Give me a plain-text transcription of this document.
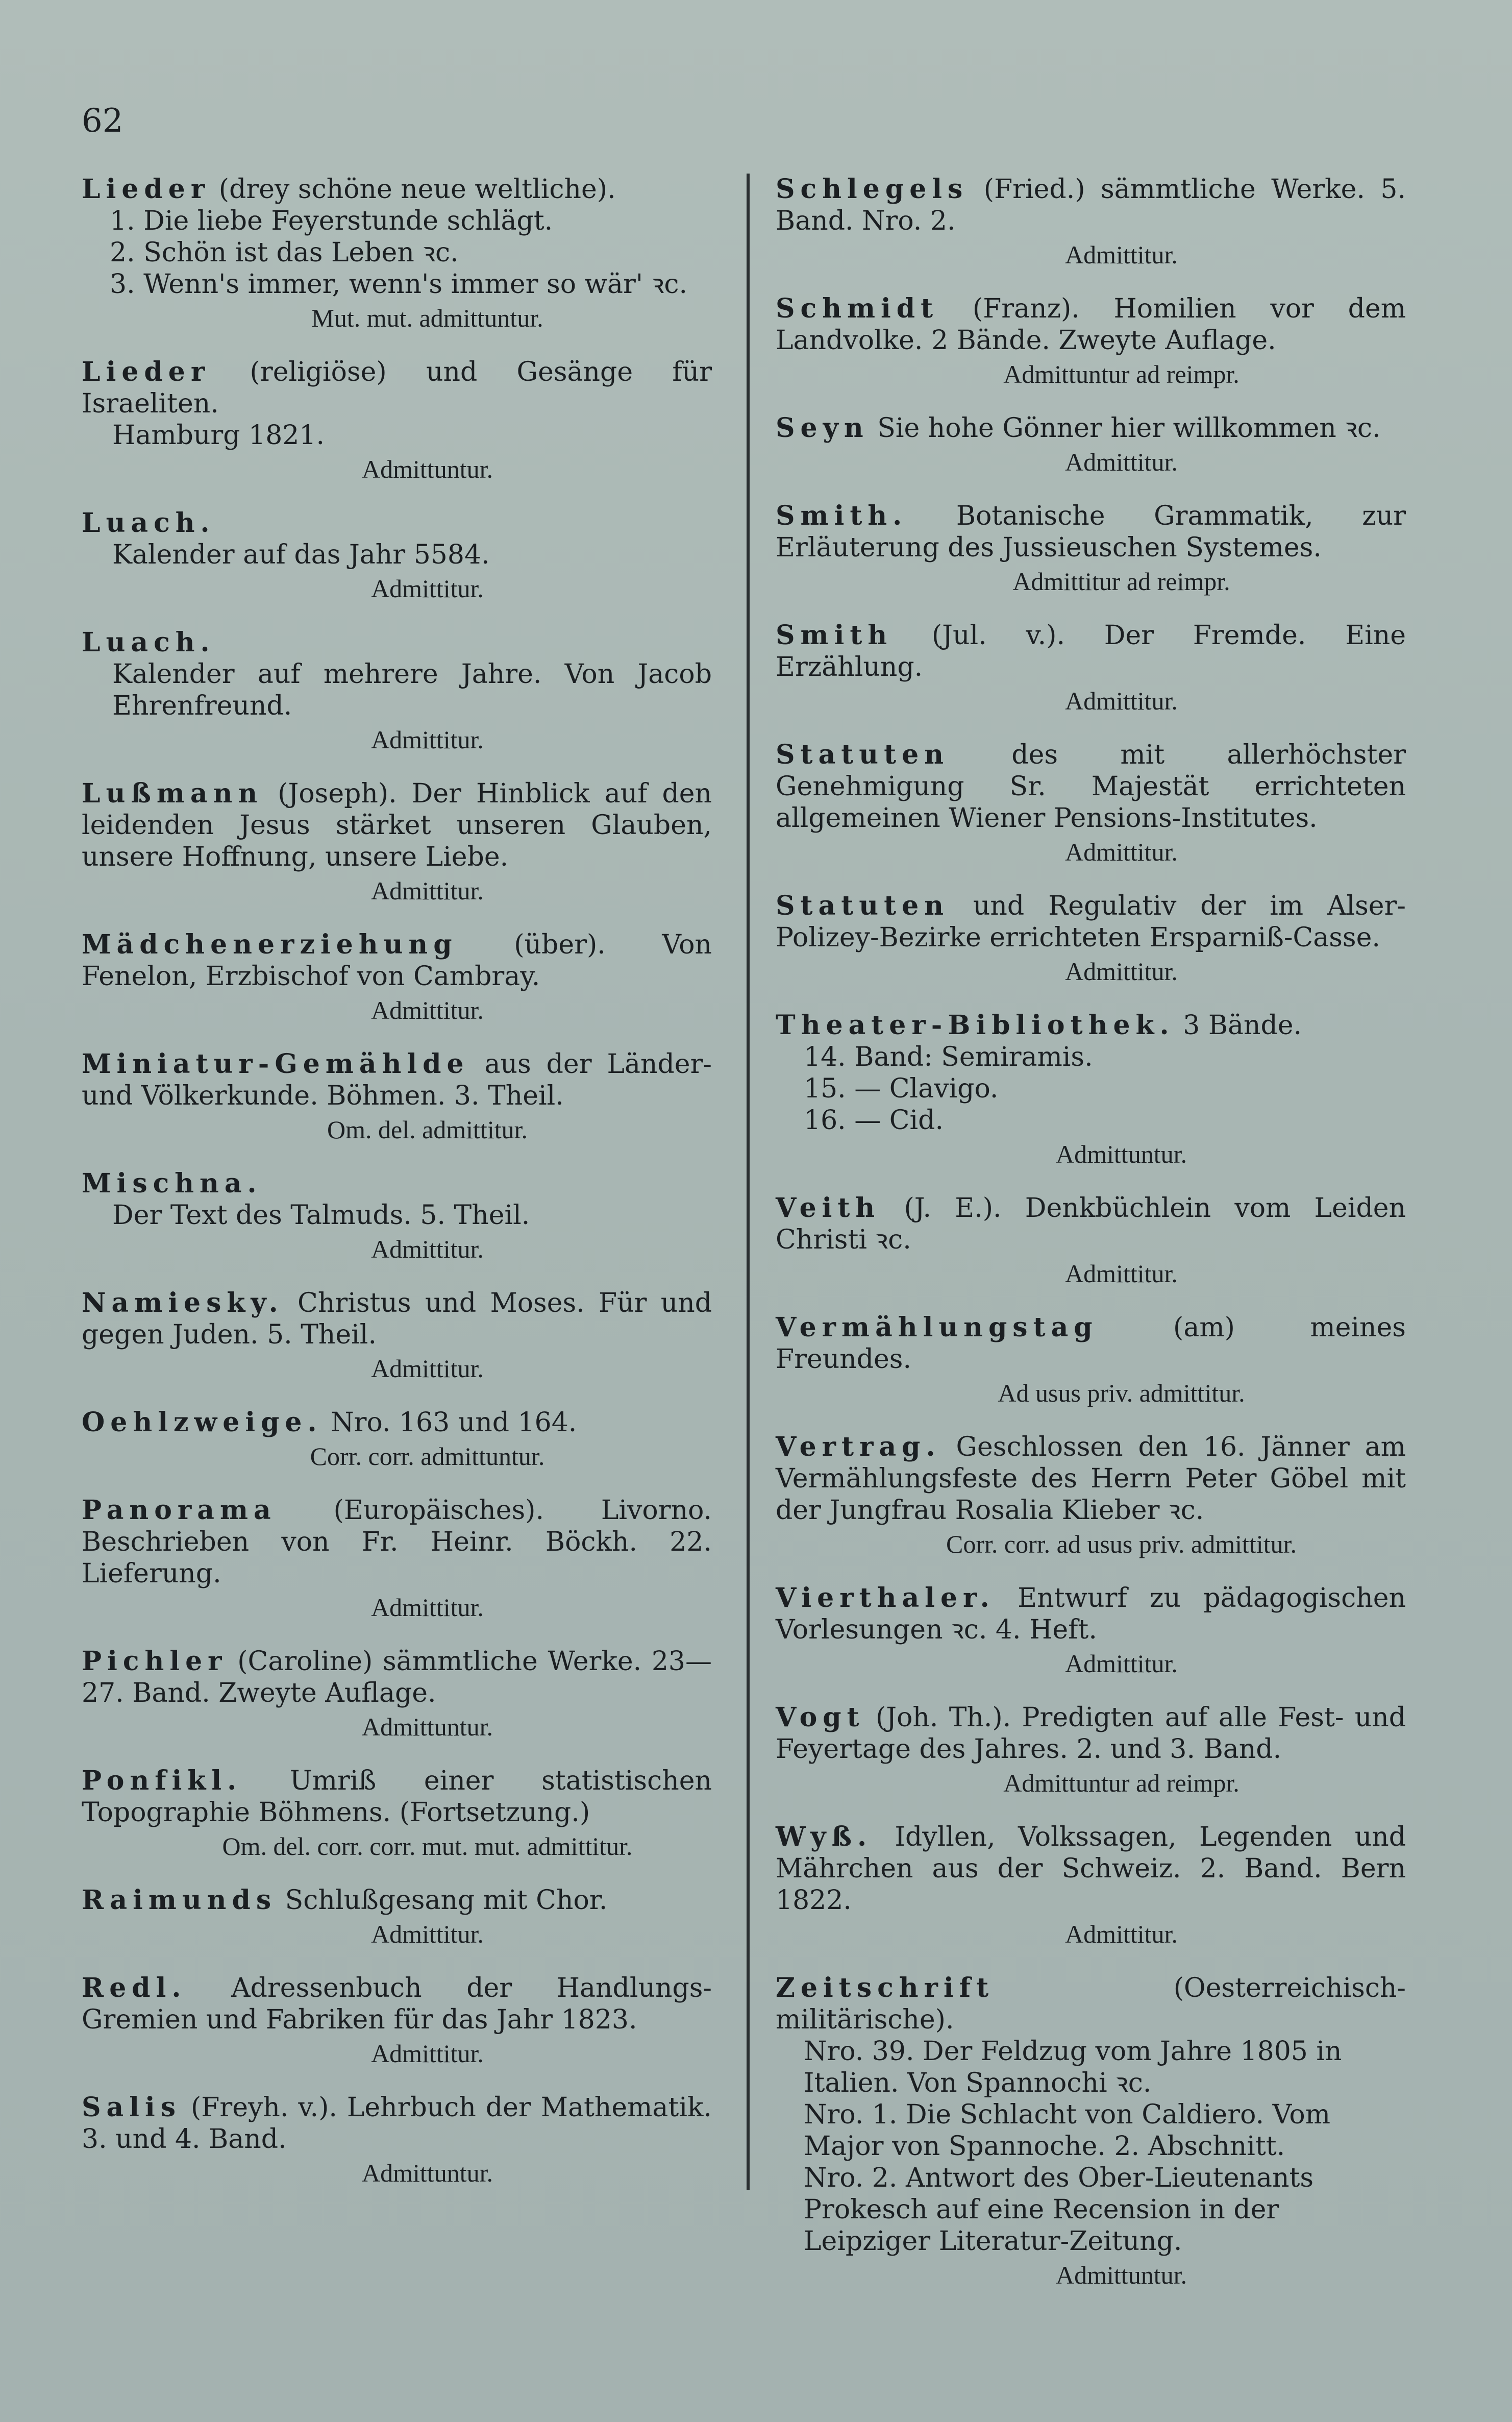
62

Lieder (drey schöne neue weltliche).

1. Die liebe Feyerstunde schlägt.

2. Schön ist das Leben ꝛc.

3. Wenn's immer, wenn's immer so wär' ꝛc.

Mut. mut. admittuntur.

Lieder (religiöse) und Gesänge für Israeliten.

Hamburg 1821.

Admittuntur.

Luach.

Kalender auf das Jahr 5584.

Admittitur.

Luach.

Kalender auf mehrere Jahre. Von Jacob Ehrenfreund.

Admittitur.

Lußmann (Joseph). Der Hinblick auf den leidenden Jesus stärket unseren Glauben, unsere Hoffnung, unsere Liebe.

Admittitur.

Mädchenerziehung (über). Von Fenelon, Erzbischof von Cambray.

Admittitur.

Miniatur-Gemählde aus der Länder- und Völkerkunde. Böhmen. 3. Theil.

Om. del. admittitur.

Mischna.

Der Text des Talmuds. 5. Theil.

Admittitur.

Namiesky. Christus und Moses. Für und gegen Juden. 5. Theil.

Admittitur.

Oehlzweige. Nro. 163 und 164.

Corr. corr. admittuntur.

Panorama (Europäisches). Livorno. Beschrieben von Fr. Heinr. Böckh. 22. Lieferung.

Admittitur.

Pichler (Caroline) sämmtliche Werke. 23—27. Band. Zweyte Auflage.

Admittuntur.

Ponfikl. Umriß einer statistischen Topographie Böhmens. (Fortsetzung.)

Om. del. corr. corr. mut. mut. admittitur.

Raimunds Schlußgesang mit Chor.

Admittitur.

Redl. Adressenbuch der Handlungs-Gremien und Fabriken für das Jahr 1823.

Admittitur.

Salis (Freyh. v.). Lehrbuch der Mathematik. 3. und 4. Band.

Admittuntur.

Schlegels (Fried.) sämmtliche Werke. 5. Band. Nro. 2.

Admittitur.

Schmidt (Franz). Homilien vor dem Landvolke. 2 Bände. Zweyte Auflage.

Admittuntur ad reimpr.

Seyn Sie hohe Gönner hier willkommen ꝛc.

Admittitur.

Smith. Botanische Grammatik, zur Erläuterung des Jussieuschen Systemes.

Admittitur ad reimpr.

Smith (Jul. v.). Der Fremde. Eine Erzählung.

Admittitur.

Statuten des mit allerhöchster Genehmigung Sr. Majestät errichteten allgemeinen Wiener Pensions-Institutes.

Admittitur.

Statuten und Regulativ der im Alser-Polizey-Bezirke errichteten Ersparniß-Casse.

Admittitur.

Theater-Bibliothek. 3 Bände.

14. Band: Semiramis.

15. — Clavigo.

16. — Cid.

Admittuntur.

Veith (J. E.). Denkbüchlein vom Leiden Christi ꝛc.

Admittitur.

Vermählungstag (am) meines Freundes.

Ad usus priv. admittitur.

Vertrag. Geschlossen den 16. Jänner am Vermählungsfeste des Herrn Peter Göbel mit der Jungfrau Rosalia Klieber ꝛc.

Corr. corr. ad usus priv. admittitur.

Vierthaler. Entwurf zu pädagogischen Vorlesungen ꝛc. 4. Heft.

Admittitur.

Vogt (Joh. Th.). Predigten auf alle Fest- und Feyertage des Jahres. 2. und 3. Band.

Admittuntur ad reimpr.

Wyß. Idyllen, Volkssagen, Legenden und Mährchen aus der Schweiz. 2. Band. Bern 1822.

Admittitur.

Zeitschrift (Oesterreichisch-militärische).

Nro. 39. Der Feldzug vom Jahre 1805 in Italien. Von Spannochi ꝛc.

Nro. 1. Die Schlacht von Caldiero. Vom Major von Spannoche. 2. Abschnitt.

Nro. 2. Antwort des Ober-Lieutenants Prokesch auf eine Recension in der Leipziger Literatur-Zeitung.

Admittuntur.
